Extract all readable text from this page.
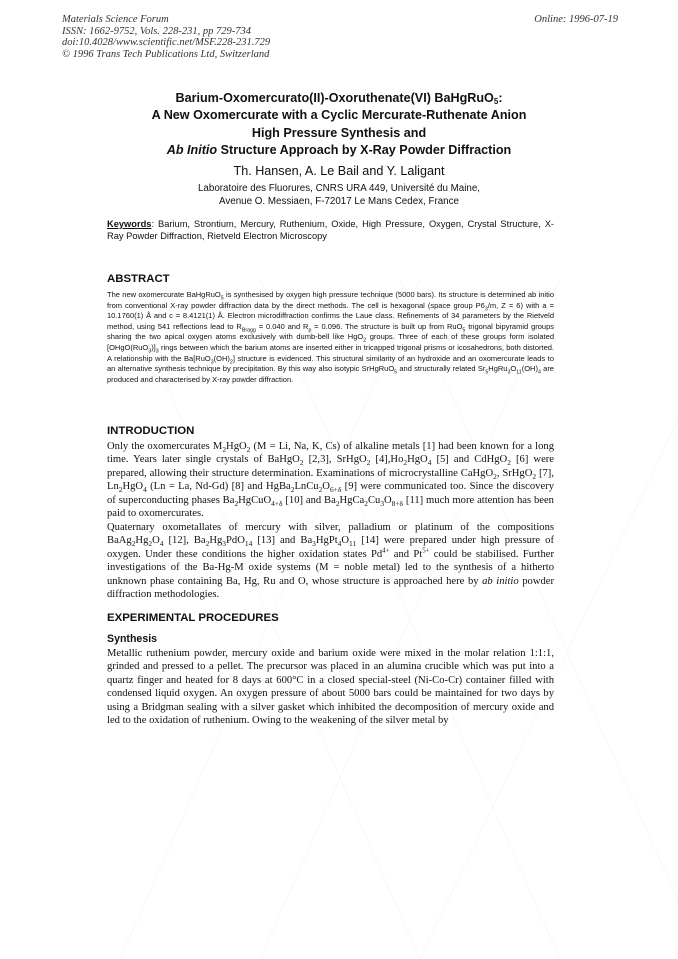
Materials Science Forum
ISSN: 1662-9752, Vols. 228-231, pp 729-734
doi:10.4028/www.scientific.net/MSF.228-231.729
© 1996 Trans Tech Publications Ltd, Switzerland
Online: 1996-07-19
Barium-Oxomercurato(II)-Oxoruthenate(VI) BaHgRuO$_5$:
A New Oxomercurate with a Cyclic Mercurate-Ruthenate Anion
High Pressure Synthesis and
Ab Initio Structure Approach by X-Ray Powder Diffraction
Th. Hansen, A. Le Bail and Y. Laligant
Laboratoire des Fluorures, CNRS URA 449, Université du Maine,
Avenue O. Messiaen, F-72017 Le Mans Cedex, France
Keywords: Barium, Strontium, Mercury, Ruthenium, Oxide, High Pressure, Oxygen, Crystal Structure, X-Ray Powder Diffraction, Rietveld Electron Microscopy
ABSTRACT

The new oxomercurate BaHgRuO$_5$ is synthesised by oxygen high pressure technique (5000 bars). Its structure is determined ab initio from conventional X-ray powder diffraction data by the direct methods. The cell is hexagonal (space group $P6_3/m$, Z = 6) with a = 10.1760(1) Å and c = 8.4121(1) Å. Electron microdiffraction confirms the Laue class. Refinements of 34 parameters by the Rietveld method, using 541 reflections lead to $R_{Bragg} = 0.040$ and $R_p = 0.096$. The structure is built up from RuO$_5$ trigonal bipyramid groups sharing the two apical oxygen atoms exclusively with dumb-bell like HgO$_2$ groups. Three of each of these groups form isolated $[OHgO(RuO_3)]_3$ rings between which the barium atoms are inserted either in tricapped trigonal prisms or icosahedrons, both distorted. A relationship with the $Ba[RuO_3(OH)_2]$ structure is evidenced. This structural similarity of an hydroxide and an oxomercurate leads to an alternative synthesis technique by precipitation. By this way also isotypic SrHgRuO$_5$ and structurally related $Sr_5HgRu_3O_{11}(OH)_4$ are produced and characterised by X-ray powder diffraction.

INTRODUCTION

Only the oxomercurates $M_2HgO_2$ (M = Li, Na, K, Cs) of alkaline metals [1] had been known for a long time. Years later single crystals of BaHgO$_2$ [2,3], SrHgO$_2$ $[4],Ho_2HgO_4$ [5] and CdHgO$_2$ [6] were prepared, allowing their structure determination. Examinations of microcrystalline CaHgO$_2$, SrHgO$_2$ [7], $Ln_2HgO_4$ (Ln = La, Nd-Gd) [8] and $HgBa_2LnCu_2O_{6+\delta}$ [9] were communicated too. Since the discovery of superconducting phases $Ba_2HgCuO_{4+\delta}$ [10] and $Ba_2HgCa_2Cu_3O_{8+\delta}$ [11] much more attention has been paid to oxomercurates.

Quaternary oxometallates of mercury with silver, palladium or platinum of the compositions $BaAg_2Hg_2O_4$ [12], $Ba_2Hg_3PdO_{14}$ [13] and $Ba_3HgPt_4O_{11}$ [14] were prepared under high pressure of oxygen. Under these conditions the higher oxidation states $Pd^{4+}$ and $Pt^{5+}$ could be stabilised. Further investigations of the Ba-Hg-M oxide systems (M = noble metal) led to the synthesis of a hitherto unknown phase containing Ba, Hg, Ru and O, whose structure is approached here by ab initio powder diffraction methodologies.

EXPERIMENTAL PROCEDURES
Synthesis

Metallic ruthenium powder, mercury oxide and barium oxide were mixed in the molar relation 1:1:1, grinded and pressed to a pellet. The precursor was placed in an alumina crucible which was put into a quartz finger and heated for 8 days at 600°C in a closed special-steel (Ni-Co-Cr) container filled with condensed liquid oxygen. An oxygen pressure of about 5000 bars could be maintained for two days by using a Bridgman sealing with a silver gasket which inhibited the decomposition of mercury oxide and led to the oxidation of ruthenium. Owing to the weakening of the silver metal by
